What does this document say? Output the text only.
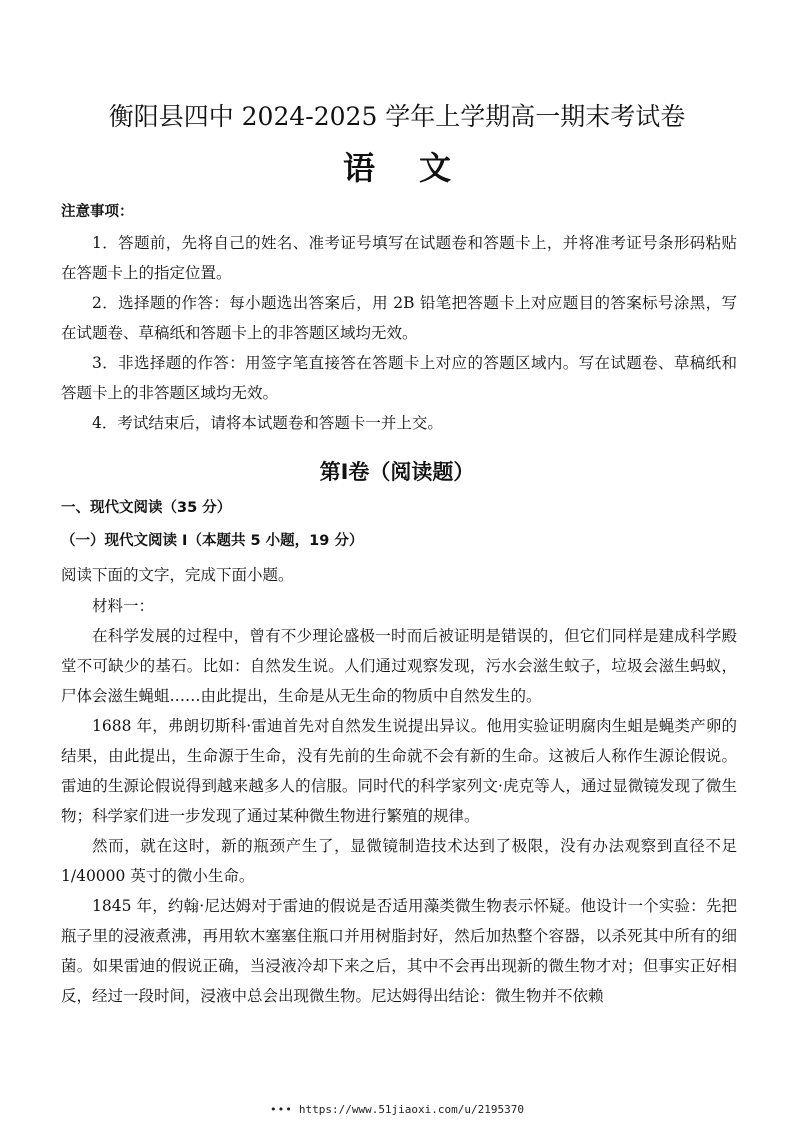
衡阳县四中 2024-2025 学年上学期高一期末考试卷
语 文
注意事项：

1．答题前，先将自己的姓名、准考证号填写在试题卷和答题卡上，并将准考证号条形码粘贴在答题卡上的指定位置。

2．选择题的作答：每小题选出答案后，用 2B 铅笔把答题卡上对应题目的答案标号涂黑，写在试题卷、草稿纸和答题卡上的非答题区域均无效。

3．非选择题的作答：用签字笔直接答在答题卡上对应的答题区域内。写在试题卷、草稿纸和答题卡上的非答题区域均无效。

4．考试结束后，请将本试题卷和答题卡一并上交。

第Ⅰ卷（阅读题）
一、现代文阅读（35 分）
（一）现代文阅读 I（本题共 5 小题，19 分）
阅读下面的文字，完成下面小题。

材料一：

在科学发展的过程中，曾有不少理论盛极一时而后被证明是错误的，但它们同样是建成科学殿堂不可缺少的基石。比如：自然发生说。人们通过观察发现，污水会滋生蚊子，垃圾会滋生蚂蚁，尸体会滋生蝇蛆……由此提出，生命是从无生命的物质中自然发生的。

1688 年，弗朗切斯科·雷迪首先对自然发生说提出异议。他用实验证明腐肉生蛆是蝇类产卵的结果，由此提出，生命源于生命，没有先前的生命就不会有新的生命。这被后人称作生源论假说。雷迪的生源论假说得到越来越多人的信服。同时代的科学家列文·虎克等人，通过显微镜发现了微生物；科学家们进一步发现了通过某种微生物进行繁殖的规律。

然而，就在这时，新的瓶颈产生了，显微镜制造技术达到了极限，没有办法观察到直径不足 1/40000 英寸的微小生命。

1845 年，约翰·尼达姆对于雷迪的假说是否适用藻类微生物表示怀疑。他设计一个实验：先把瓶子里的浸液煮沸，再用软木塞塞住瓶口并用树脂封好，然后加热整个容器，以杀死其中所有的细菌。如果雷迪的假说正确，当浸液冷却下来之后，其中不会再出现新的微生物才对；但事实正好相反，经过一段时间，浸液中总会出现微生物。尼达姆得出结论：微生物并不依赖

••• https://www.51jiaoxi.com/u/2195370
